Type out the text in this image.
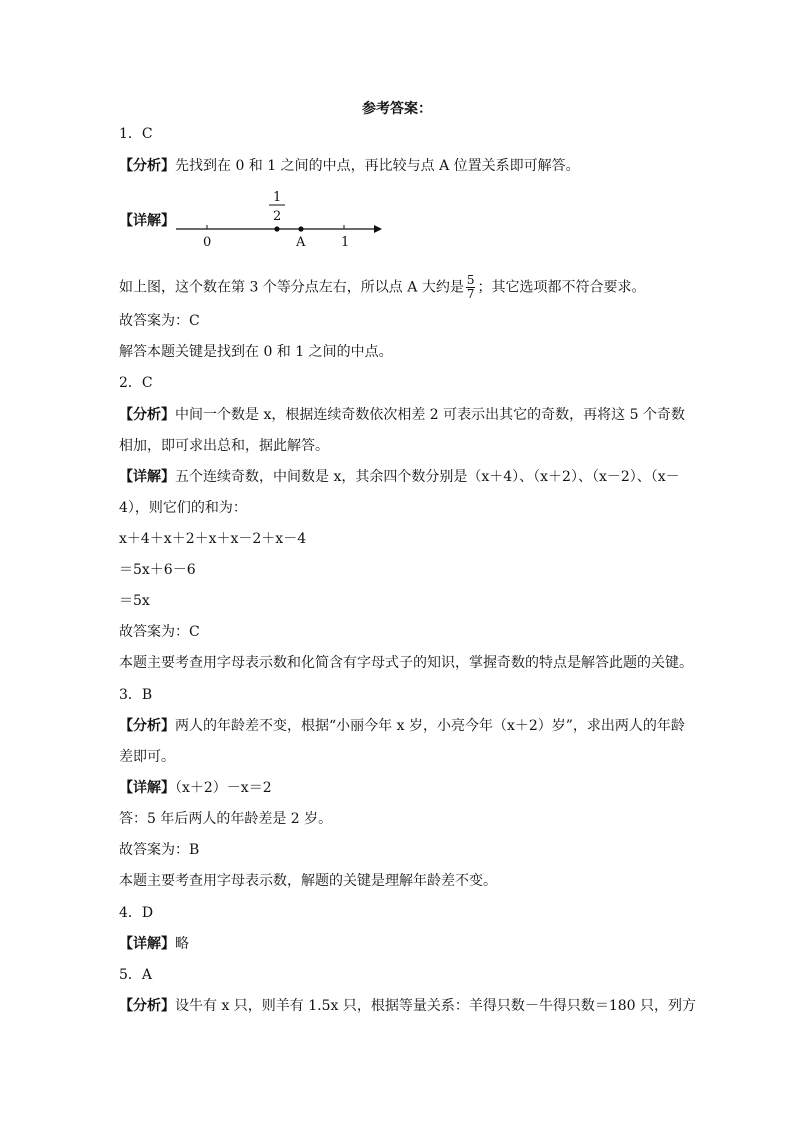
参考答案：
1．C
【分析】先找到在 0 和 1 之间的中点，再比较与点 A 位置关系即可解答。
【详解】
0	A	1
1
2
如上图，这个数在第 3 个等分点左右，所以点 A 大约是 $\frac{5}{7}$ ；其它选项都不符合要求。
故答案为：C
解答本题关键是找到在 0 和 1 之间的中点。
2．C
【分析】中间一个数是 x，根据连续奇数依次相差 2 可表示出其它的奇数，再将这 5 个奇数
相加，即可求出总和，据此解答。
【详解】五个连续奇数，中间数是 x，其余四个数分别是（x＋4）、（x＋2）、（x－2）、（x－
4），则它们的和为：
x＋4＋x＋2＋x＋x－2＋x－4
＝5x＋6－6
＝5x
故答案为：C
本题主要考查用字母表示数和化简含有字母式子的知识，掌握奇数的特点是解答此题的关键。
3．B
【分析】两人的年龄差不变，根据“小丽今年 x 岁，小亮今年（x＋2）岁”，求出两人的年龄
差即可。
【详解】（x＋2）－x＝2
答：5 年后两人的年龄差是 2 岁。
故答案为：B
本题主要考查用字母表示数，解题的关键是理解年龄差不变。
4．D
【详解】略
5．A
【分析】设牛有 x 只，则羊有 1.5x 只，根据等量关系：羊得只数－牛得只数＝180 只，列方
